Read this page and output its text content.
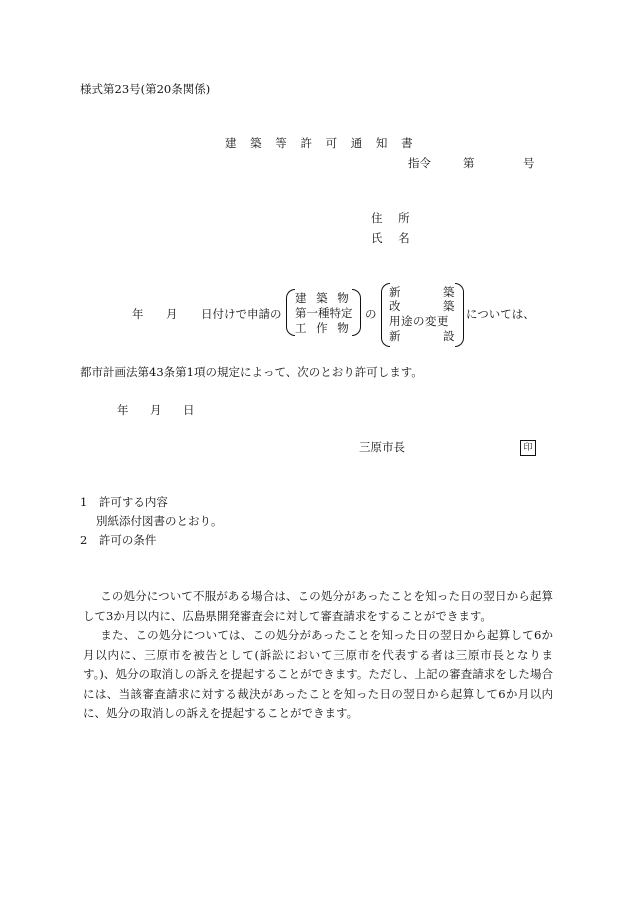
様式第23号(第20条関係)
建 築 等 許 可 通 知 書
指令	第	号
住 所
氏 名
年 月 日付けで申請の
建 築 物
第一種特定
工 作 物
の
新	築
改	築
用途の変更
新	設
については、
都市計画法第43条第1項の規定によって、次のとおり許可します。
年 月 日
三原市長	印
1　許可する内容
別紙添付図書のとおり。
2　許可の条件

この処分について不服がある場合は、この処分があったことを知った日の翌日から起算して3か月以内に、広島県開発審査会に対して審査請求をすることができます。

また、この処分については、この処分があったことを知った日の翌日から起算して6か月以内に、三原市を被告として(訴訟において三原市を代表する者は三原市長となります。)、処分の取消しの訴えを提起することができます。ただし、上記の審査請求をした場合には、当該審査請求に対する裁決があったことを知った日の翌日から起算して6か月以内に、処分の取消しの訴えを提起することができます。
